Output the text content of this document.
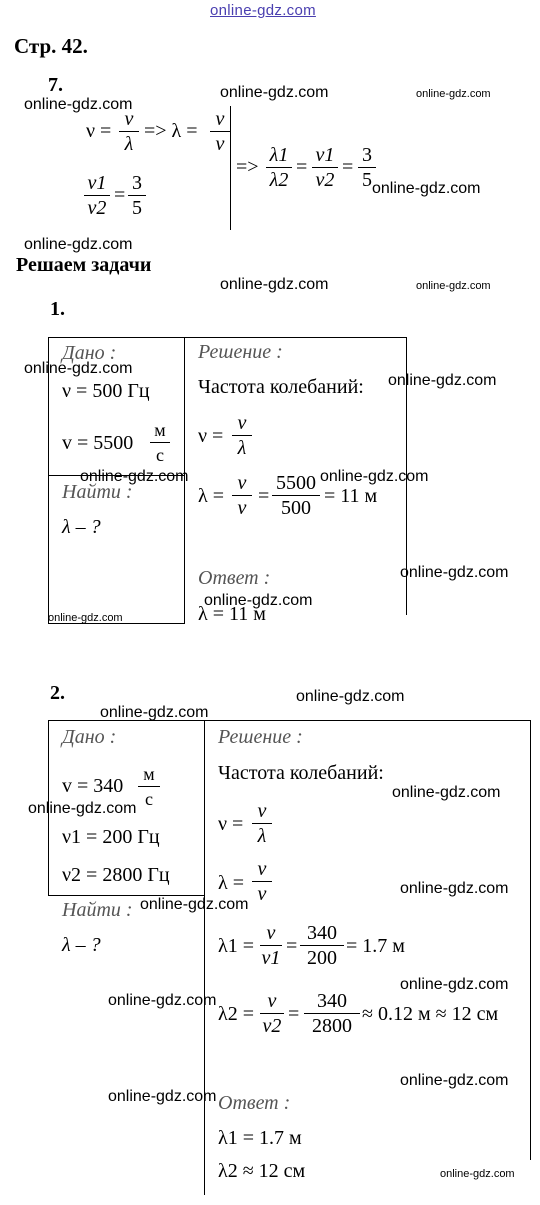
online-gdz.com
Стр. 42.
7.
ν =
v
λ
=> λ =
v
ν
ν1
ν2
=
3
5
=>
λ1
λ2
=
ν1
ν2
=
3
5
online-gdz.com
online-gdz.com	online-gdz.com
online-gdz.com
online-gdz.com
Решаем задачи
online-gdz.com	online-gdz.com
1.
Дано :
ν = 500 Гц
v = 5500
м
с
Найти :
λ – ?
Решение :
Частота колебаний:
ν =
v
λ
λ =
v
ν
=
5500
500
= 11 м
Ответ :
λ = 11 м
online-gdz.com
online-gdz.com
online-gdz.com	online-gdz.com
online-gdz.com
online-gdz.com
online-gdz.com
2.	online-gdz.com
online-gdz.com
Дано :
v = 340
м
с
ν1 = 200 Гц
ν2 = 2800 Гц
Найти :
λ – ?
Решение :
Частота колебаний:
ν =
v
λ
λ =
v
ν
λ1 =
v
ν1
=
340
200
= 1.7 м
λ2 =
v
ν2
=
340
2800
≈ 0.12 м ≈ 12 см
Ответ :
λ1 = 1.7 м
λ2 ≈ 12 см
online-gdz.com
online-gdz.com
online-gdz.com
online-gdz.com
online-gdz.com
online-gdz.com
online-gdz.com
online-gdz.com
online-gdz.com
